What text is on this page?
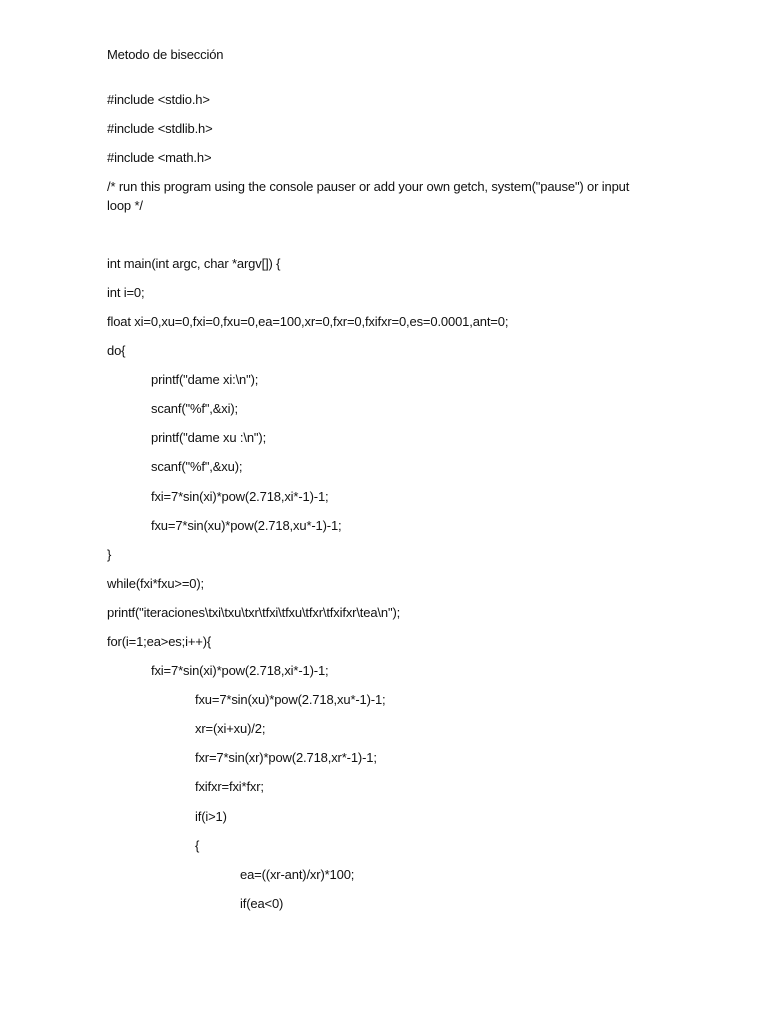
Metodo de bisección
#include <stdio.h>
#include <stdlib.h>
#include <math.h>
/* run this program using the console pauser or add your own getch, system("pause") or input loop */
int main(int argc, char *argv[]) {
int i=0;
float xi=0,xu=0,fxi=0,fxu=0,ea=100,xr=0,fxr=0,fxifxr=0,es=0.0001,ant=0;
do{
printf("dame xi:\n");
scanf("%f",&xi);
printf("dame xu :\n");
scanf("%f",&xu);
fxi=7*sin(xi)*pow(2.718,xi*-1)-1;
fxu=7*sin(xu)*pow(2.718,xu*-1)-1;
}
while(fxi*fxu>=0);
printf("iteraciones\txi\txu\txr\tfxi\tfxu\tfxr\tfxifxr\tea\n");
for(i=1;ea>es;i++){
fxi=7*sin(xi)*pow(2.718,xi*-1)-1;
fxu=7*sin(xu)*pow(2.718,xu*-1)-1;
xr=(xi+xu)/2;
fxr=7*sin(xr)*pow(2.718,xr*-1)-1;
fxifxr=fxi*fxr;
if(i>1)
{
ea=((xr-ant)/xr)*100;
if(ea<0)
